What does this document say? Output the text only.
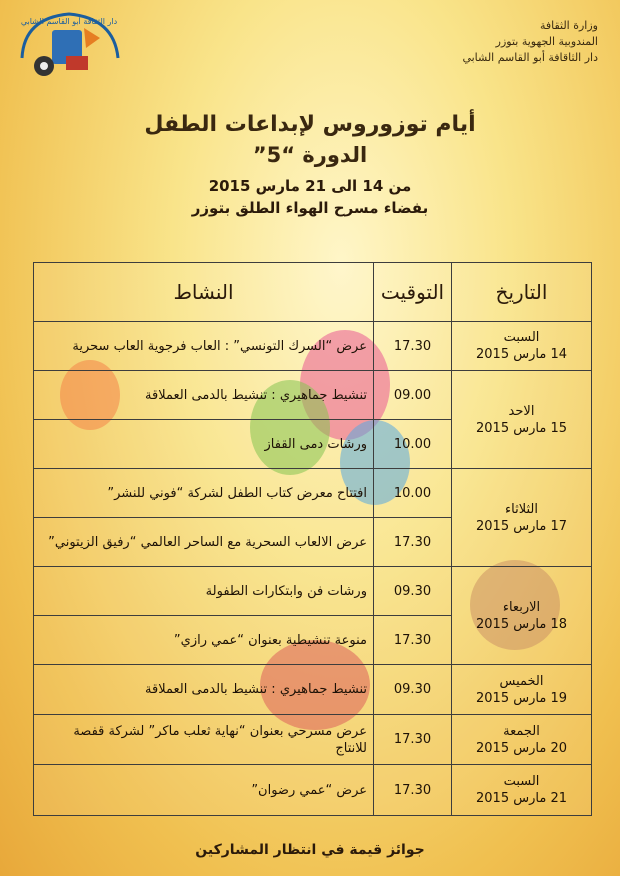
دار الثقافة أبو القاسم الشابي	وزارة الثقافة
المندوبية الجهوية بتوزر
دار الثاقافة أبو القاسم الشابي

أيام توزوروس لإبداعات الطفل

الدورة “5”

من 14 الى 21 مارس 2015

بفضاء مسرح الهواء الطلق بتوزر

التاريخ	التوقيت	النشاط
السبت
14 مارس 2015	17.30	عرض “السرك التونسي” : العاب فرجوية العاب سحرية
الاحد
15 مارس 2015	09.00	تنشيط جماهيري : تنشيط بالدمى العملاقة
	10.00	ورشات دمى القفاز
الثلاثاء
17 مارس 2015	10.00	افتتاح معرض كتاب الطفل لشركة “فوني للنشر”
	17.30	عرض الالعاب السحرية مع الساحر العالمي “رفيق الزيتوني”
الاربعاء
18 مارس 2015	09.30	ورشات فن وابتكارات الطفولة
	17.30	منوعة تنشيطية بعنوان “عمي رازي”
الخميس
19 مارس 2015	09.30	تنشيط جماهيري : تنشيط بالدمى العملاقة
الجمعة
20 مارس 2015	17.30	عرض مسرحي بعنوان “نهاية ثعلب ماكر” لشركة قفصة للانتاج
السبت
21 مارس 2015	17.30	عرض “عمي رضوان”
جوائز قيمة في انتظار المشاركين
